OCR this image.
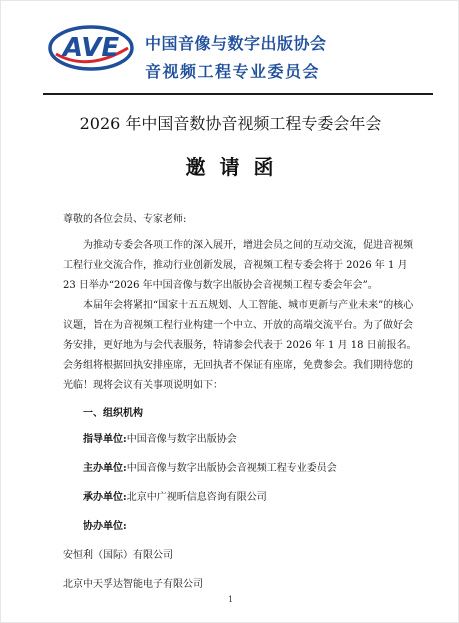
AVE 中国音像与数字出版协会
音视频工程专业委员会
2026 年中国音数协音视频工程专委会年会
邀请函

尊敬的各位会员、专家老师:

为推动专委会各项工作的深入展开，增进会员之间的互动交流，促进音视频工程行业交流合作，推动行业创新发展，音视频工程专委会将于 2026 年 1 月23 日举办“2026 年中国音像与数字出版协会音视频工程专委会年会”。

本届年会将紧扣“国家十五五规划、人工智能、城市更新与产业未来”的核心议题，旨在为音视频工程行业构建一个中立、开放的高端交流平台。为了做好会务安排，更好地为与会代表服务，特请参会代表于 2026 年 1 月 18 日前报名。会务组将根据回执安排座席，无回执者不保证有座席，免费参会。我们期待您的光临！现将会议有关事项说明如下：

一、组织机构

指导单位:中国音像与数字出版协会

主办单位:中国音像与数字出版协会音视频工程专业委员会

承办单位:北京中广视昕信息咨询有限公司

协办单位:

安恒利（国际）有限公司

北京中天孚达智能电子有限公司

1
